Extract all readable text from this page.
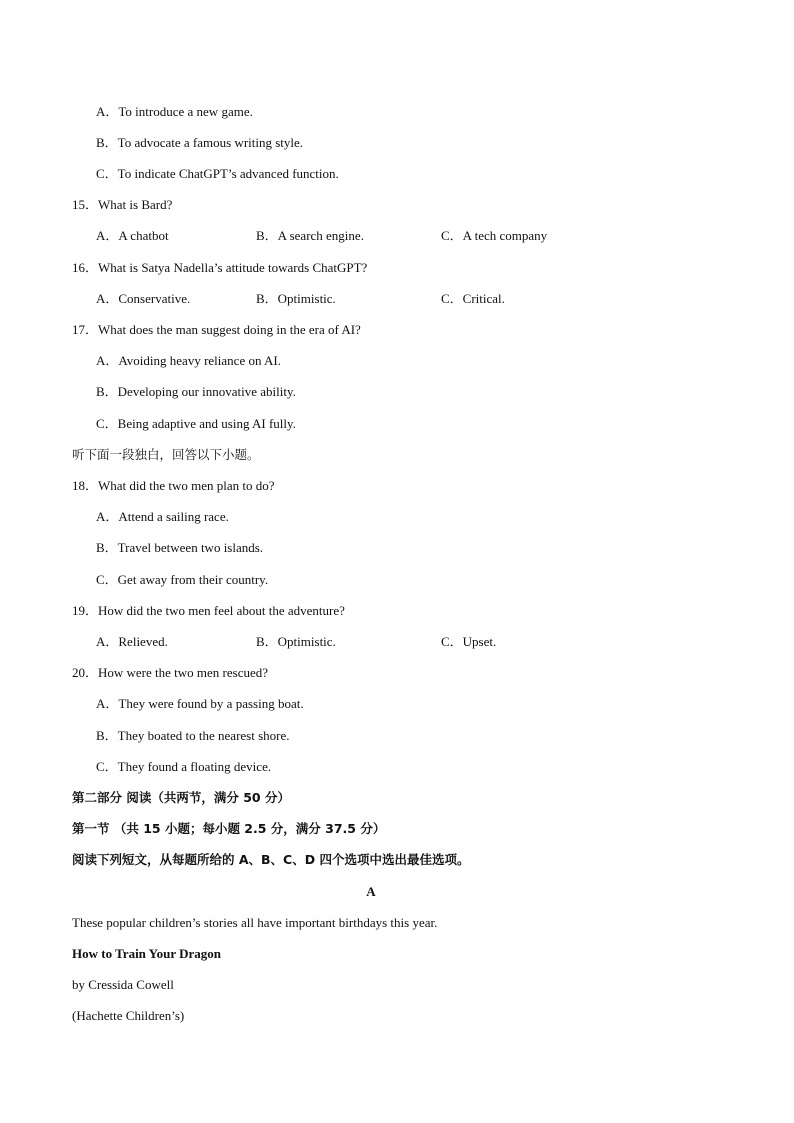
A．To introduce a new game.
B．To advocate a famous writing style.
C．To indicate ChatGPT’s advanced function.
15．What is Bard?
A．A chatbot	B．A search engine.	C．A tech company
16．What is Satya Nadella’s attitude towards ChatGPT?
A．Conservative.	B．Optimistic.	C．Critical.
17．What does the man suggest doing in the era of AI?
A．Avoiding heavy reliance on AI.
B．Developing our innovative ability.
C．Being adaptive and using AI fully.
听下面一段独白，回答以下小题。
18．What did the two men plan to do?
A．Attend a sailing race.
B．Travel between two islands.
C．Get away from their country.
19．How did the two men feel about the adventure?
A．Relieved.	B．Optimistic.	C．Upset.
20．How were the two men rescued?
A．They were found by a passing boat.
B．They boated to the nearest shore.
C．They found a floating device.
第二部分 阅读（共两节，满分 50 分）
第一节 （共 15 小题；每小题 2.5 分，满分 37.5 分）
阅读下列短文，从每题所给的 A、B、C、D 四个选项中选出最佳选项。
A
These popular children’s stories all have important birthdays this year.
How to Train Your Dragon
by Cressida Cowell
(Hachette Children’s)
